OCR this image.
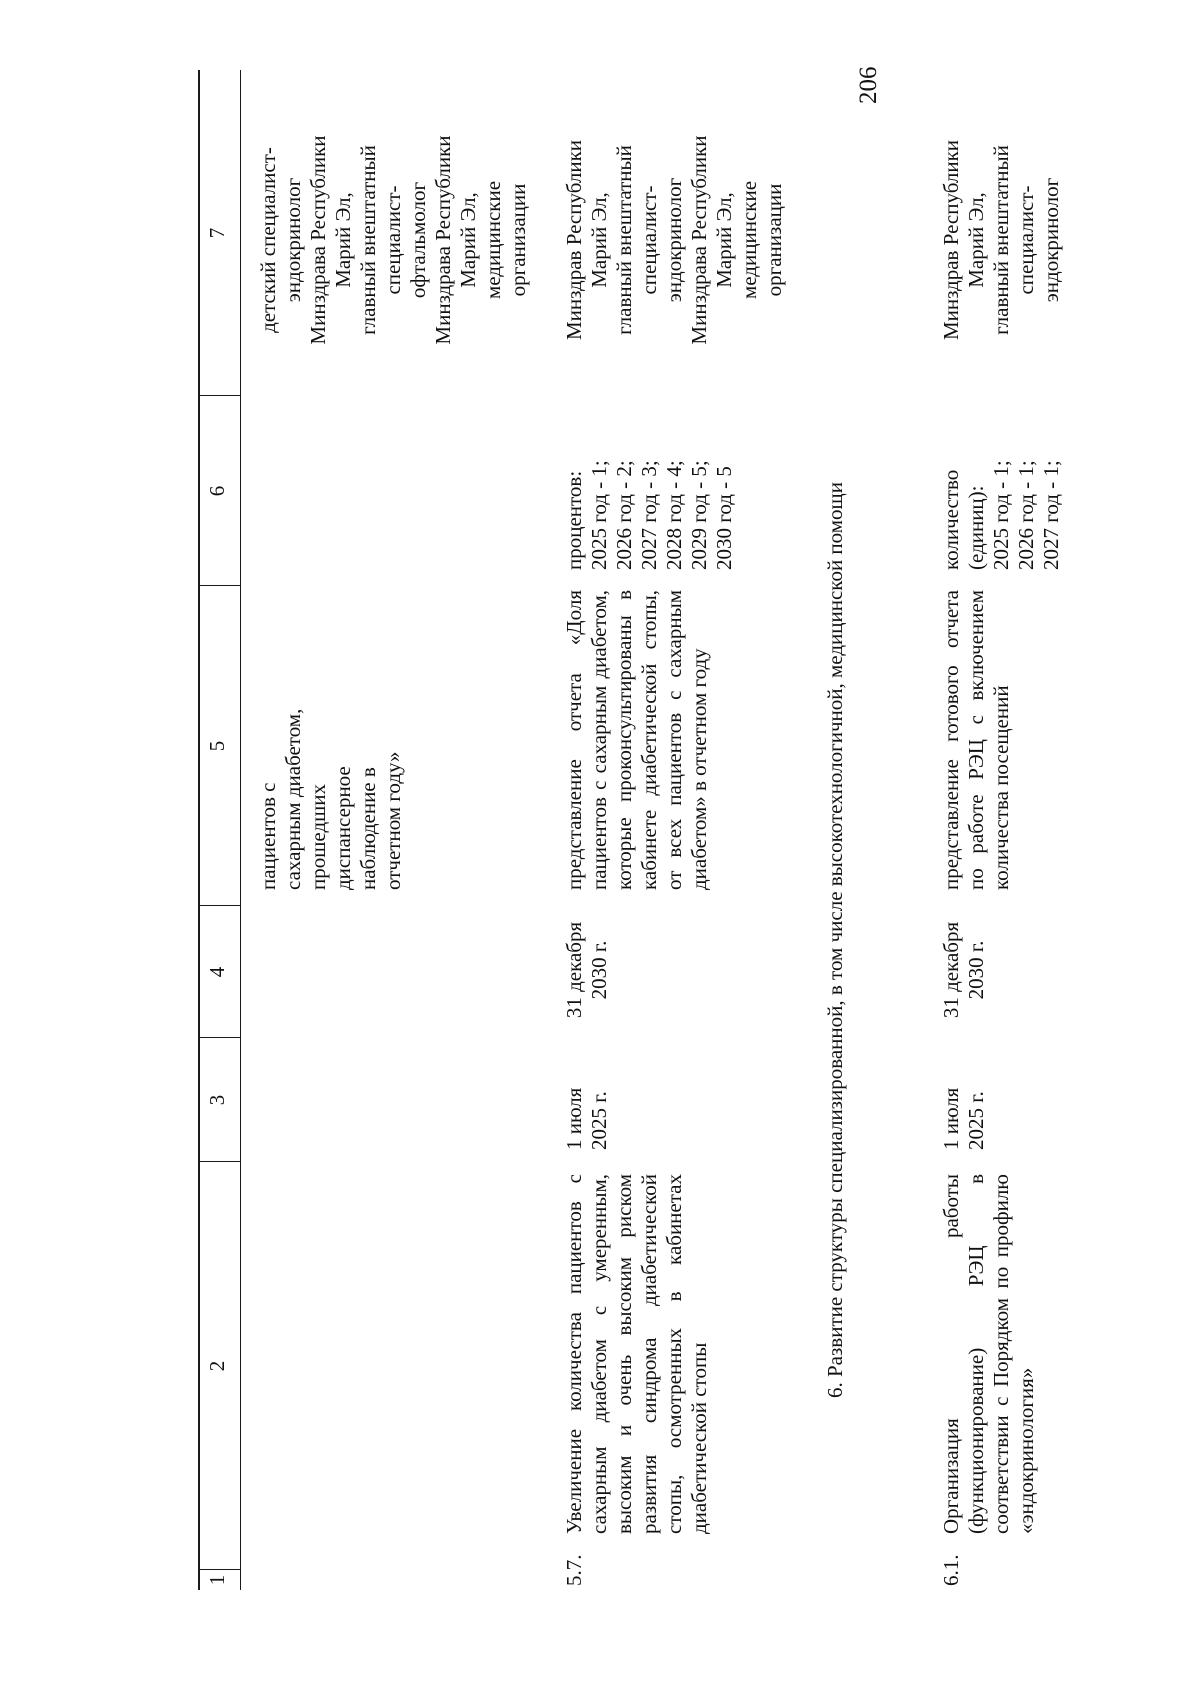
206
1
2
3
4
5
6
7
пациентов с сахарным диабетом, прошедших диспансерное наблюдение в отчетном году»
детский специалист- эндокринолог Минздрава Республики Марий Эл, главный внештатный специалист- офтальмолог Минздрава Республики Марий Эл, медицинские организации
5.7.
Увеличение количества пациентов с сахарным диабетом с умеренным, высоким и очень высоким риском развития синдрома диабетической стопы, осмотренных в кабинетах диабетической стопы
1 июля 2025 г.
31 декабря 2030 г.
представление отчета «Доля пациентов с сахарным диабетом, которые проконсультированы в кабинете диабетической стопы, от всех пациентов с сахарным диабетом» в отчетном году
процентов: 2025 год - 1; 2026 год - 2; 2027 год - 3; 2028 год - 4; 2029 год - 5; 2030 год - 5
Минздрав Республики Марий Эл, главный внештатный специалист- эндокринолог Минздрава Республики Марий Эл, медицинские организации
6. Развитие структуры специализированной, в том числе высокотехнологичной, медицинской помощи
6.1.
Организация работы (функционирование) РЭЦ в соответствии с Порядком по профилю «эндокринология»
1 июля 2025 г.
31 декабря 2030 г.
представление готового отчета по работе РЭЦ с включением количества посещений
количество (единиц): 2025 год - 1; 2026 год - 1; 2027 год - 1;
Минздрав Республики Марий Эл, главный внештатный специалист- эндокринолог
